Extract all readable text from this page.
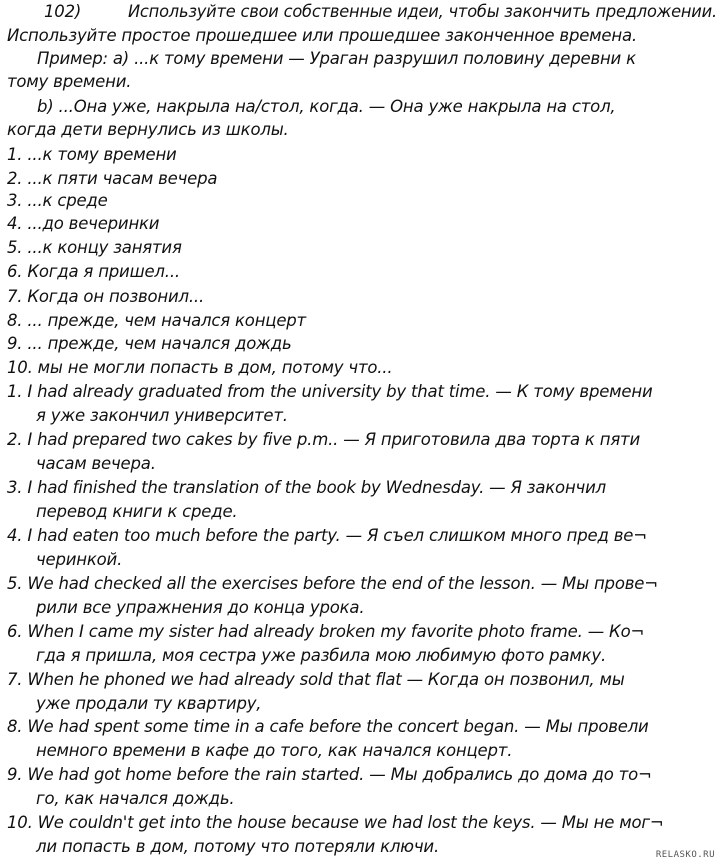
102)	Используйте свои собственные идеи, чтобы закончить предложении.
Используйте простое прошедшее или прошедшее законченное времена.
Пример: а) ...к тому времени — Ураган разрушил половину деревни к
тому времени.
b) ...Она уже, накрыла на/стол, когда. — Она уже накрыла на стол,
когда дети вернулись из школы.
1. ...к тому времени
2. ...к пяти часам вечера
3. ...к среде
4. ...до вечеринки
5. ...к концу занятия
6. Когда я пришел...
7. Когда он позвонил...
8. ... прежде, чем начался концерт
9. ... прежде, чем начался дождь
10. мы не могли попасть в дом, потому что...
1. I had already graduated from the university by that time. — К тому времени
я уже закончил университет.
2. I had prepared two cakes by five p.m.. — Я приготовила два торта к пяти
часам вечера.
3. I had finished the translation of the book by Wednesday. — Я закончил
перевод книги к среде.
4. I had eaten too much before the party. — Я съел слишком много пред ве¬
черинкой.
5. We had checked all the exercises before the end of the lesson. — Мы прове¬
рили все упражнения до конца урока.
6. When I came my sister had already broken my favorite photo frame. — Ко¬
гда я пришла, моя сестра уже разбила мою любимую фото рамку.
7. When he phoned we had already sold that flat — Когда он позвонил, мы
уже продали ту квартиру,
8. We had spent some time in a cafe before the concert began. — Мы провели
немного времени в кафе до того, как начался концерт.
9. We had got home before the rain started. — Мы добрались до дома до то¬
го, как начался дождь.
10. We couldn't get into the house because we had lost the keys. — Мы не мог¬
ли попасть в дом, потому что потеряли ключи.	RELASKO.RU
